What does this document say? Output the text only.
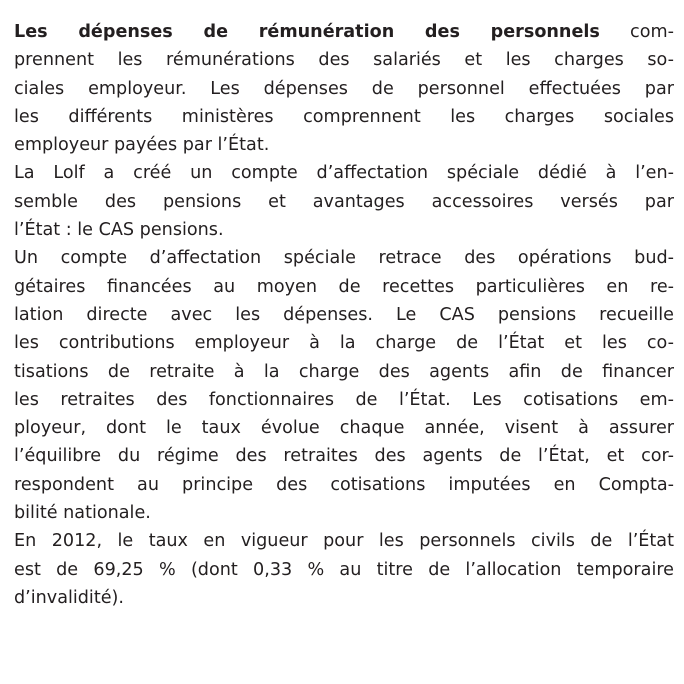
Les dépenses de rémunération des personnels com-
prennent les rémunérations des salariés et les charges so-
ciales employeur. Les dépenses de personnel effectuées par
les différents ministères comprennent les charges sociales
employeur payées par l’État.
La Lolf a créé un compte d’affectation spéciale dédié à l’en-
semble des pensions et avantages accessoires versés par
l’État : le CAS pensions.
Un compte d’affectation spéciale retrace des opérations bud-
gétaires financées au moyen de recettes particulières en re-
lation directe avec les dépenses. Le CAS pensions recueille
les contributions employeur à la charge de l’État et les co-
tisations de retraite à la charge des agents afin de financer
les retraites des fonctionnaires de l’État. Les cotisations em-
ployeur, dont le taux évolue chaque année, visent à assurer
l’équilibre du régime des retraites des agents de l’État, et cor-
respondent au principe des cotisations imputées en Compta-
bilité nationale.
En 2012, le taux en vigueur pour les personnels civils de l’État
est de 69,25 % (dont 0,33 % au titre de l’allocation temporaire
d’invalidité).
